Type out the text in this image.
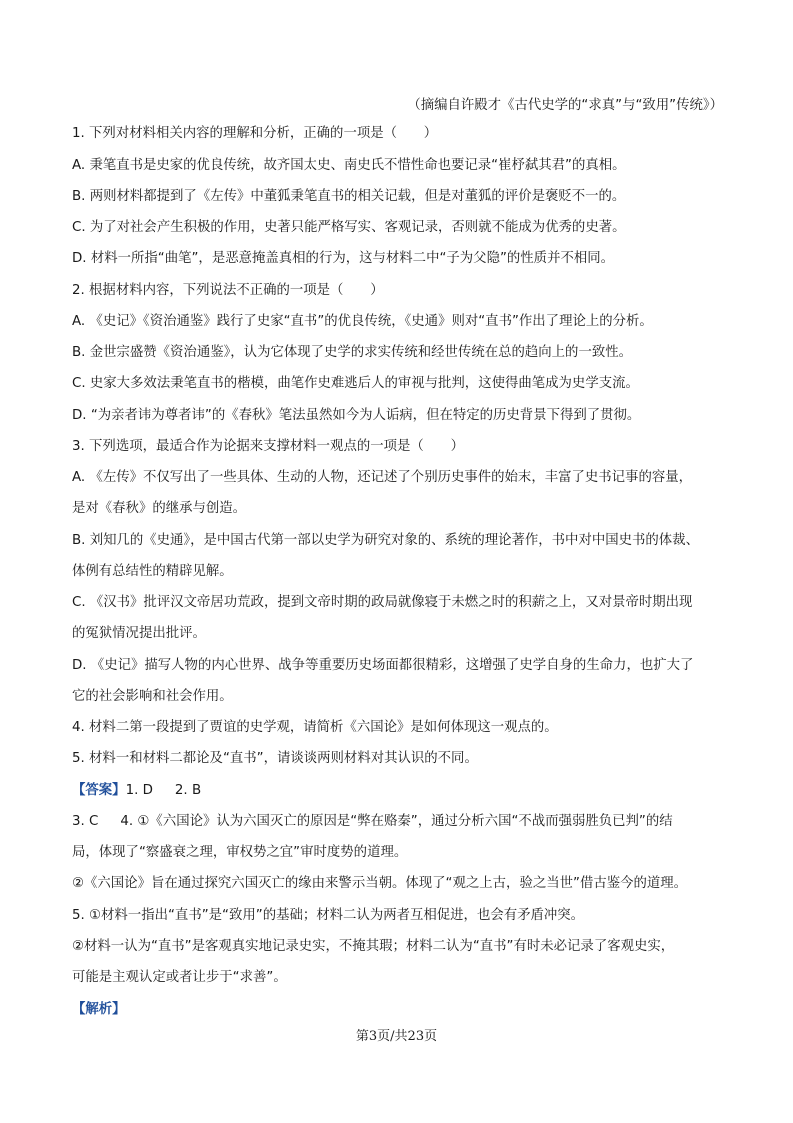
（摘编自许殿才《古代史学的“求真”与“致用”传统》）
1. 下列对材料相关内容的理解和分析，正确的一项是（　　）
A. 秉笔直书是史家的优良传统，故齐国太史、南史氏不惜性命也要记录“崔杼弑其君”的真相。
B. 两则材料都提到了《左传》中董狐秉笔直书的相关记载，但是对董狐的评价是褒贬不一的。
C. 为了对社会产生积极的作用，史著只能严格写实、客观记录，否则就不能成为优秀的史著。
D. 材料一所指“曲笔”，是恶意掩盖真相的行为，这与材料二中“子为父隐”的性质并不相同。
2. 根据材料内容，下列说法不正确的一项是（　　）
A. 《史记》《资治通鉴》践行了史家“直书”的优良传统，《史通》则对“直书”作出了理论上的分析。
B. 金世宗盛赞《资治通鉴》，认为它体现了史学的求实传统和经世传统在总的趋向上的一致性。
C. 史家大多效法秉笔直书的楷模，曲笔作史难逃后人的审视与批判，这使得曲笔成为史学支流。
D. “为亲者讳为尊者讳”的《春秋》笔法虽然如今为人诟病，但在特定的历史背景下得到了贯彻。
3. 下列选项，最适合作为论据来支撑材料一观点的一项是（　　）
A. 《左传》不仅写出了一些具体、生动的人物，还记述了个别历史事件的始末，丰富了史书记事的容量，
是对《春秋》的继承与创造。
B. 刘知几的《史通》，是中国古代第一部以史学为研究对象的、系统的理论著作，书中对中国史书的体裁、
体例有总结性的精辟见解。
C. 《汉书》批评汉文帝居功荒政，提到文帝时期的政局就像寝于未燃之时的积薪之上，又对景帝时期出现
的冤狱情况提出批评。
D. 《史记》描写人物的内心世界、战争等重要历史场面都很精彩，这增强了史学自身的生命力，也扩大了
它的社会影响和社会作用。
4. 材料二第一段提到了贾谊的史学观，请简析《六国论》是如何体现这一观点的。
5. 材料一和材料二都论及“直书”，请谈谈两则材料对其认识的不同。
【答案】1. D 2. B
3. C 4. ①《六国论》认为六国灭亡的原因是“弊在赂秦”，通过分析六国“不战而强弱胜负已判”的结
局，体现了“察盛衰之理，审权势之宜”审时度势的道理。
②《六国论》旨在通过探究六国灭亡的缘由来警示当朝。体现了“观之上古，验之当世”借古鉴今的道理。
5. ①材料一指出“直书”是“致用”的基础；材料二认为两者互相促进，也会有矛盾冲突。
②材料一认为“直书”是客观真实地记录史实，不掩其瑕；材料二认为“直书”有时未必记录了客观史实，
可能是主观认定或者让步于“求善”。
【解析】
第3页/共23页
